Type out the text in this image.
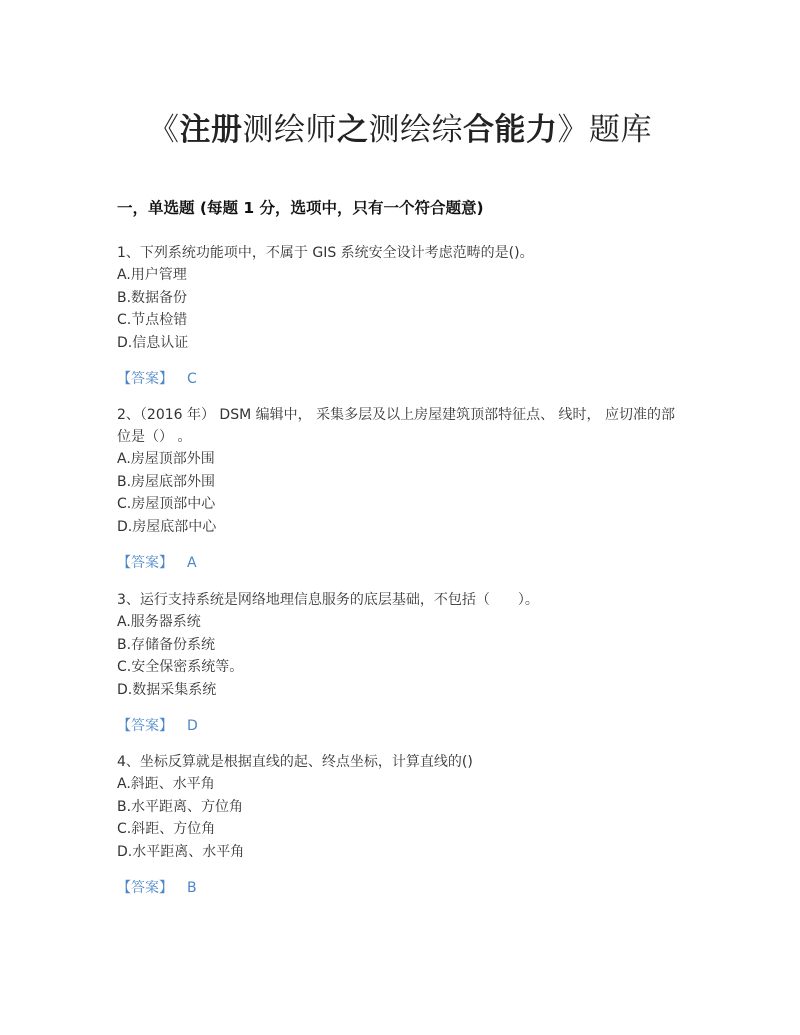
《注册测绘师之测绘综合能力》题库
一，单选题 (每题 1 分，选项中，只有一个符合题意)

1、下列系统功能项中，不属于 GIS 系统安全设计考虑范畴的是()。

A.用户管理

B.数据备份

C.节点检错

D.信息认证

【答案】 C

2、（2016 年） DSM 编辑中， 采集多层及以上房屋建筑顶部特征点、 线时， 应切准的部位是（） 。

A.房屋顶部外围

B.房屋底部外围

C.房屋顶部中心

D.房屋底部中心

【答案】 A

3、运行支持系统是网络地理信息服务的底层基础，不包括（　　）。

A.服务器系统

B.存储备份系统

C.安全保密系统等。

D.数据采集系统

【答案】 D

4、坐标反算就是根据直线的起、终点坐标，计算直线的()

A.斜距、水平角

B.水平距离、方位角

C.斜距、方位角

D.水平距离、水平角

【答案】 B
